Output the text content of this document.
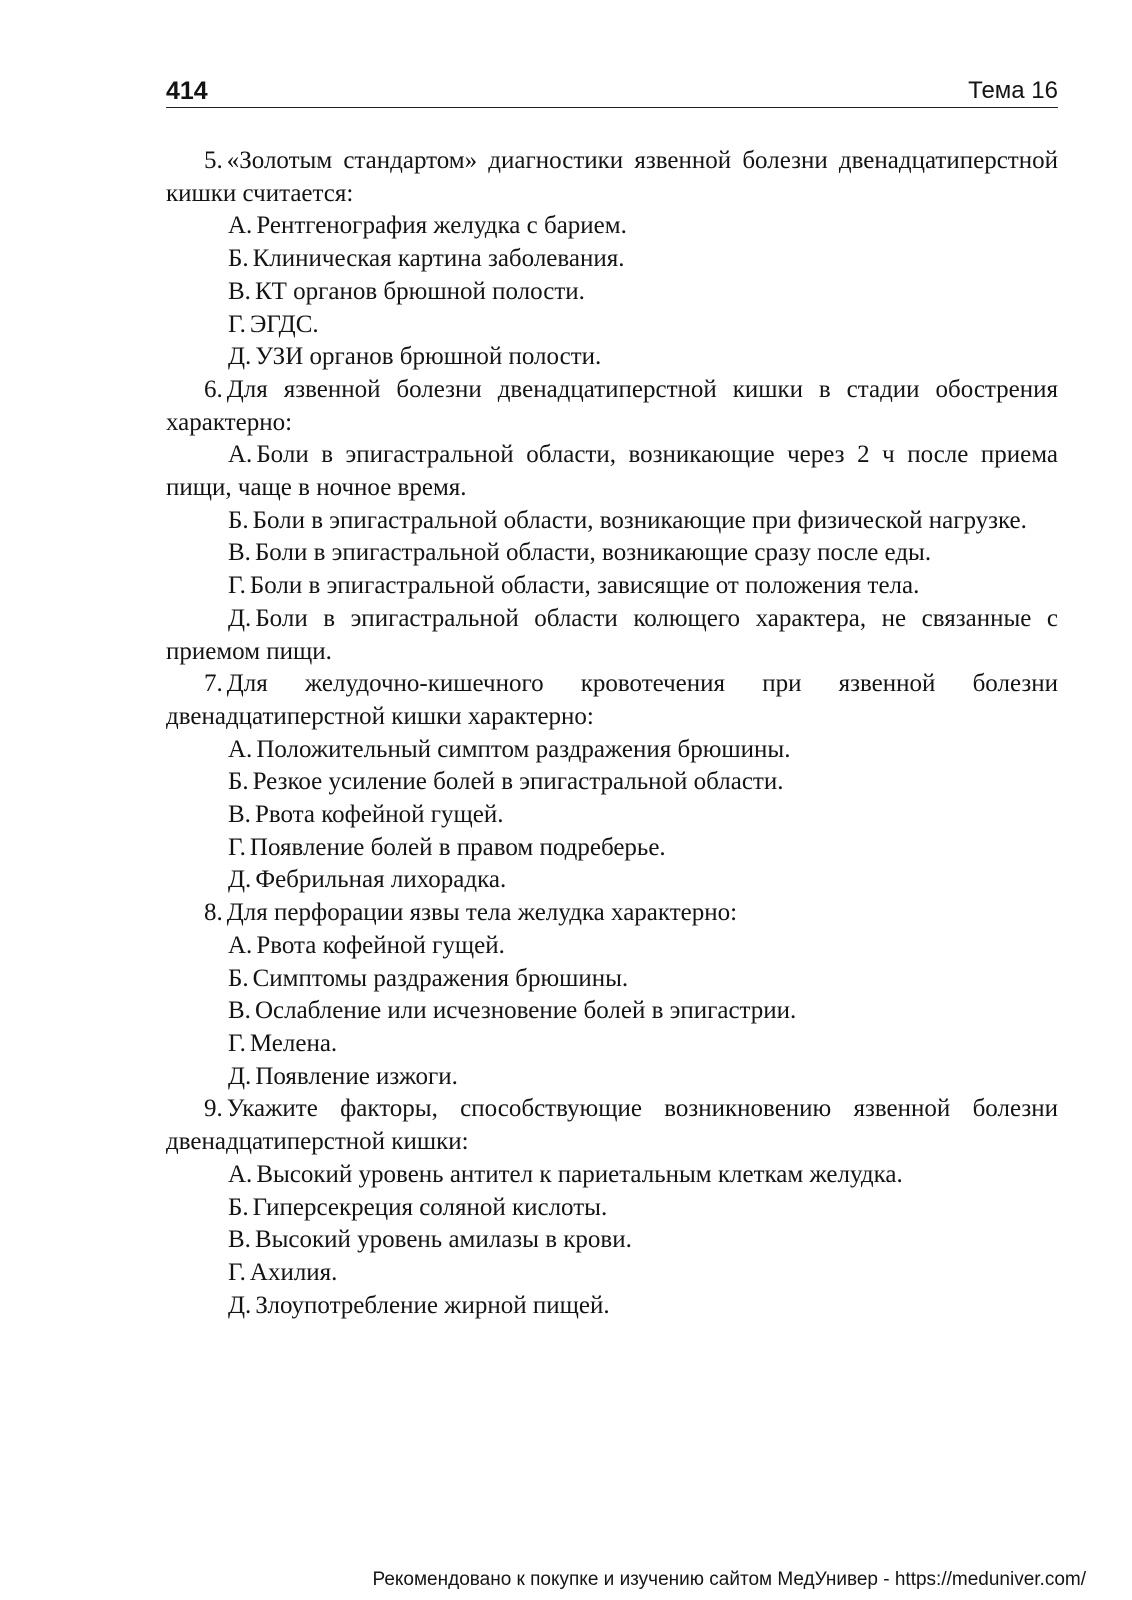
414	Тема 16

5. «Золотым стандартом» диагностики язвенной болезни двенадцатиперстной кишки считается:

А. Рентгенография желудка с барием.

Б. Клиническая картина заболевания.

В. КТ органов брюшной полости.

Г. ЭГДС.

Д. УЗИ органов брюшной полости.

6. Для язвенной болезни двенадцатиперстной кишки в стадии обострения характерно:

А. Боли в эпигастральной области, возникающие через 2 ч после приема пищи, чаще в ночное время.

Б. Боли в эпигастральной области, возникающие при физической нагрузке.

В. Боли в эпигастральной области, возникающие сразу после еды.

Г. Боли в эпигастральной области, зависящие от положения тела.

Д. Боли в эпигастральной области колющего характера, не связанные с приемом пищи.

7. Для желудочно-кишечного кровотечения при язвенной болезни двенадцатиперстной кишки характерно:

А. Положительный симптом раздражения брюшины.

Б. Резкое усиление болей в эпигастральной области.

В. Рвота кофейной гущей.

Г. Появление болей в правом подреберье.

Д. Фебрильная лихорадка.

8. Для перфорации язвы тела желудка характерно:

А. Рвота кофейной гущей.

Б. Симптомы раздражения брюшины.

В. Ослабление или исчезновение болей в эпигастрии.

Г. Мелена.

Д. Появление изжоги.

9. Укажите факторы, способствующие возникновению язвенной болезни двенадцатиперстной кишки:

А. Высокий уровень антител к париетальным клеткам желудка.

Б. Гиперсекреция соляной кислоты.

В. Высокий уровень амилазы в крови.

Г. Ахилия.

Д. Злоупотребление жирной пищей.

Рекомендовано к покупке и изучению сайтом МедУнивер - https://meduniver.com/
